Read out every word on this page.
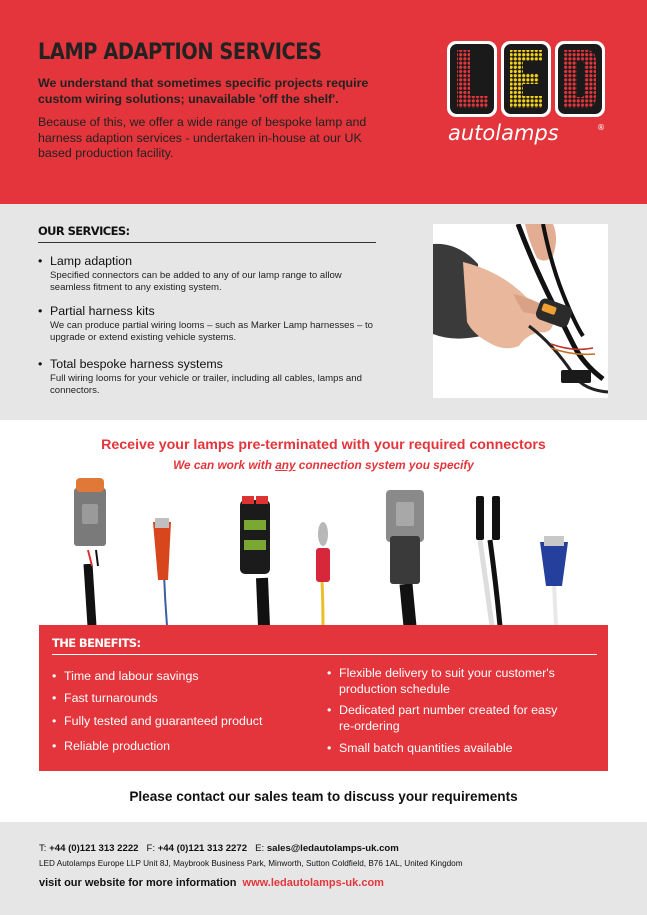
LAMP ADAPTION SERVICES
We understand that sometimes specific projects require custom wiring solutions; unavailable 'off the shelf'.
Because of this, we offer a wide range of bespoke lamp and harness adaption services - undertaken in-house at our UK based production facility.
autolamps	®
OUR SERVICES:
• Lamp adaption
Specified connectors can be added to any of our lamp range to allow seamless fitment to any existing system.
• Partial harness kits
We can produce partial wiring looms – such as Marker Lamp harnesses – to upgrade or extend existing vehicle systems.
• Total bespoke harness systems
Full wiring looms for your vehicle or trailer, including all cables, lamps and connectors.
Receive your lamps pre-terminated with your required connectors
We can work with any connection system you specify
THE BENEFITS:
• Time and labour savings
• Fast turnarounds
• Fully tested and guaranteed product
• Reliable production
• Flexible delivery to suit your customer's production schedule
• Dedicated part number created for easy re-ordering
• Small batch quantities available
Please contact our sales team to discuss your requirements
T: +44 (0)121 313 2222 F: +44 (0)121 313 2272 E: sales@ledautolamps-uk.com
LED Autolamps Europe LLP Unit 8J, Maybrook Business Park, Minworth, Sutton Coldfield, B76 1AL, United Kingdom
visit our website for more information www.ledautolamps-uk.com
